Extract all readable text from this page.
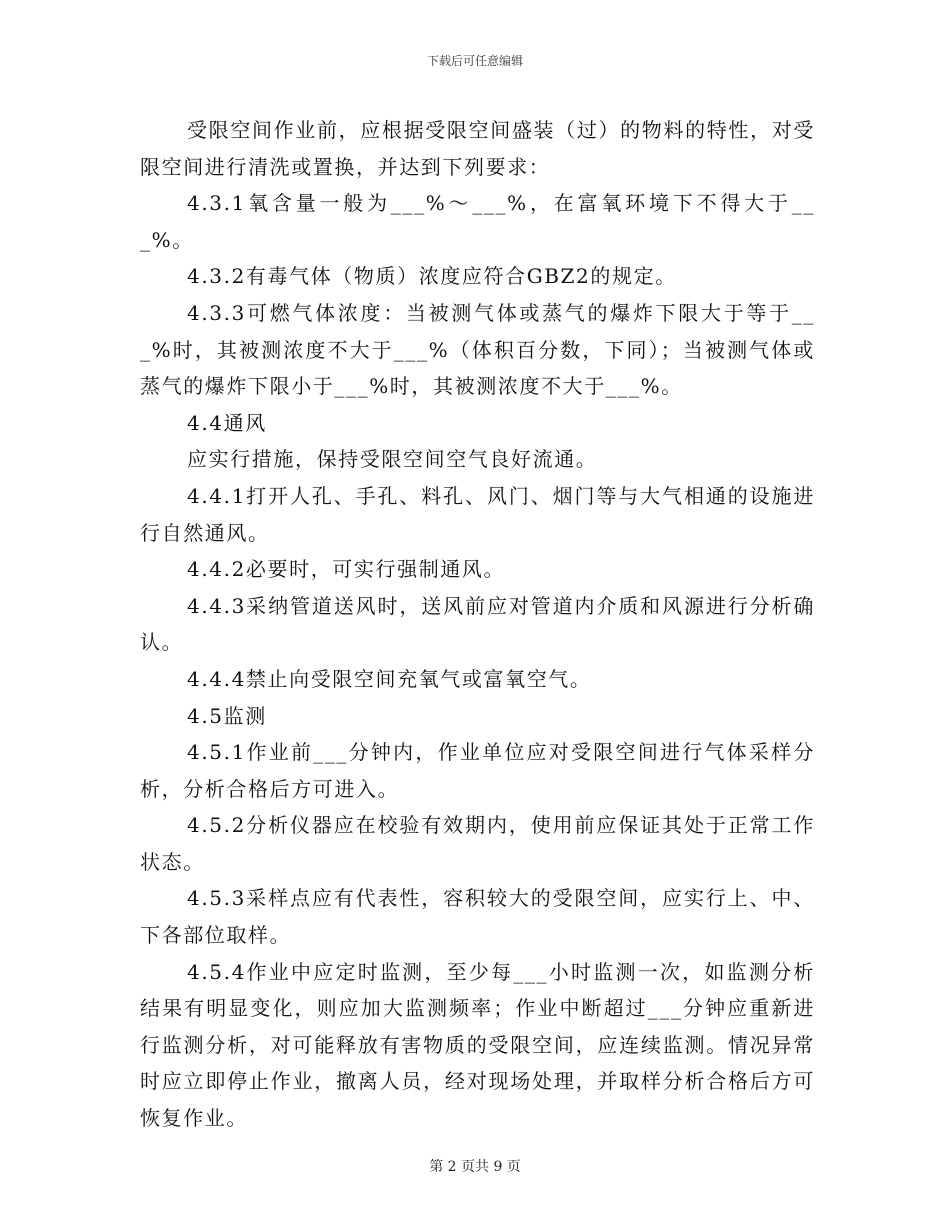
下载后可任意编辑

受限空间作业前，应根据受限空间盛装（过）的物料的特性，对受限空间进行清洗或置换，并达到下列要求：

4.3.1氧含量一般为___%～___%，在富氧环境下不得大于___%。

4.3.2有毒气体（物质）浓度应符合GBZ2的规定。

4.3.3可燃气体浓度：当被测气体或蒸气的爆炸下限大于等于___%时，其被测浓度不大于___%（体积百分数，下同）；当被测气体或蒸气的爆炸下限小于___%时，其被测浓度不大于___%。

4.4通风

应实行措施，保持受限空间空气良好流通。

4.4.1打开人孔、手孔、料孔、风门、烟门等与大气相通的设施进行自然通风。

4.4.2必要时，可实行强制通风。

4.4.3采纳管道送风时，送风前应对管道内介质和风源进行分析确认。

4.4.4禁止向受限空间充氧气或富氧空气。

4.5监测

4.5.1作业前___分钟内，作业单位应对受限空间进行气体采样分析，分析合格后方可进入。

4.5.2分析仪器应在校验有效期内，使用前应保证其处于正常工作状态。

4.5.3采样点应有代表性，容积较大的受限空间，应实行上、中、下各部位取样。

4.5.4作业中应定时监测，至少每___小时监测一次，如监测分析结果有明显变化，则应加大监测频率；作业中断超过___分钟应重新进行监测分析，对可能释放有害物质的受限空间，应连续监测。情况异常时应立即停止作业，撤离人员，经对现场处理，并取样分析合格后方可恢复作业。

第 2 页共 9 页
